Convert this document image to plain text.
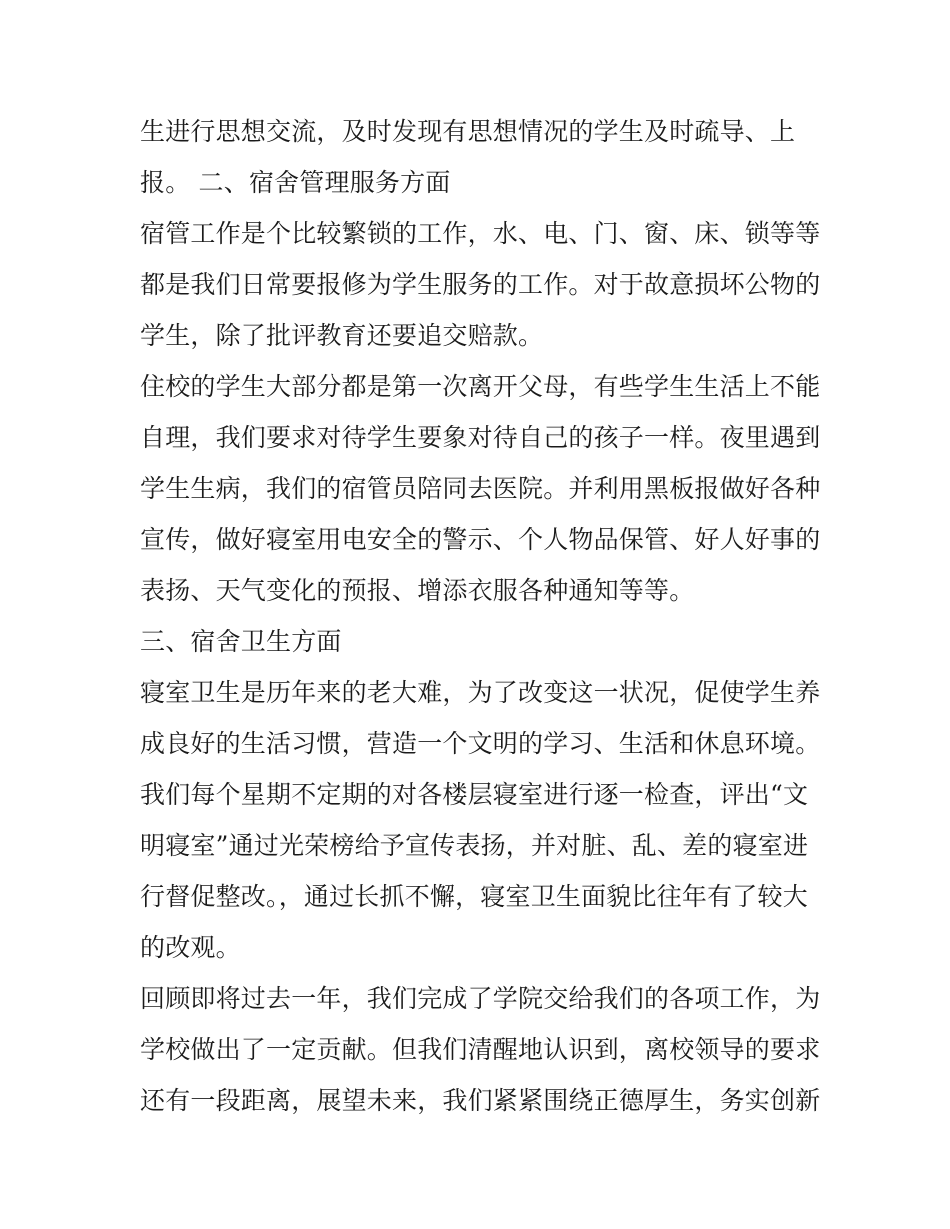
生进行思想交流，及时发现有思想情况的学生及时疏导、上
报。 二、宿舍管理服务方面
宿管工作是个比较繁锁的工作，水、电、门、窗、床、锁等等
都是我们日常要报修为学生服务的工作。对于故意损坏公物的
学生，除了批评教育还要追交赔款。
住校的学生大部分都是第一次离开父母，有些学生生活上不能
自理，我们要求对待学生要象对待自己的孩子一样。夜里遇到
学生生病，我们的宿管员陪同去医院。并利用黑板报做好各种
宣传，做好寝室用电安全的警示、个人物品保管、好人好事的
表扬、天气变化的预报、增添衣服各种通知等等。
三、宿舍卫生方面
寝室卫生是历年来的老大难，为了改变这一状况，促使学生养
成良好的生活习惯，营造一个文明的学习、生活和休息环境。
我们每个星期不定期的对各楼层寝室进行逐一检查，评出“文
明寝室”通过光荣榜给予宣传表扬，并对脏、乱、差的寝室进
行督促整改。，通过长抓不懈，寝室卫生面貌比往年有了较大
的改观。
回顾即将过去一年，我们完成了学院交给我们的各项工作，为
学校做出了一定贡献。但我们清醒地认识到，离校领导的要求
还有一段距离，展望未来，我们紧紧围绕正德厚生，务实创新
